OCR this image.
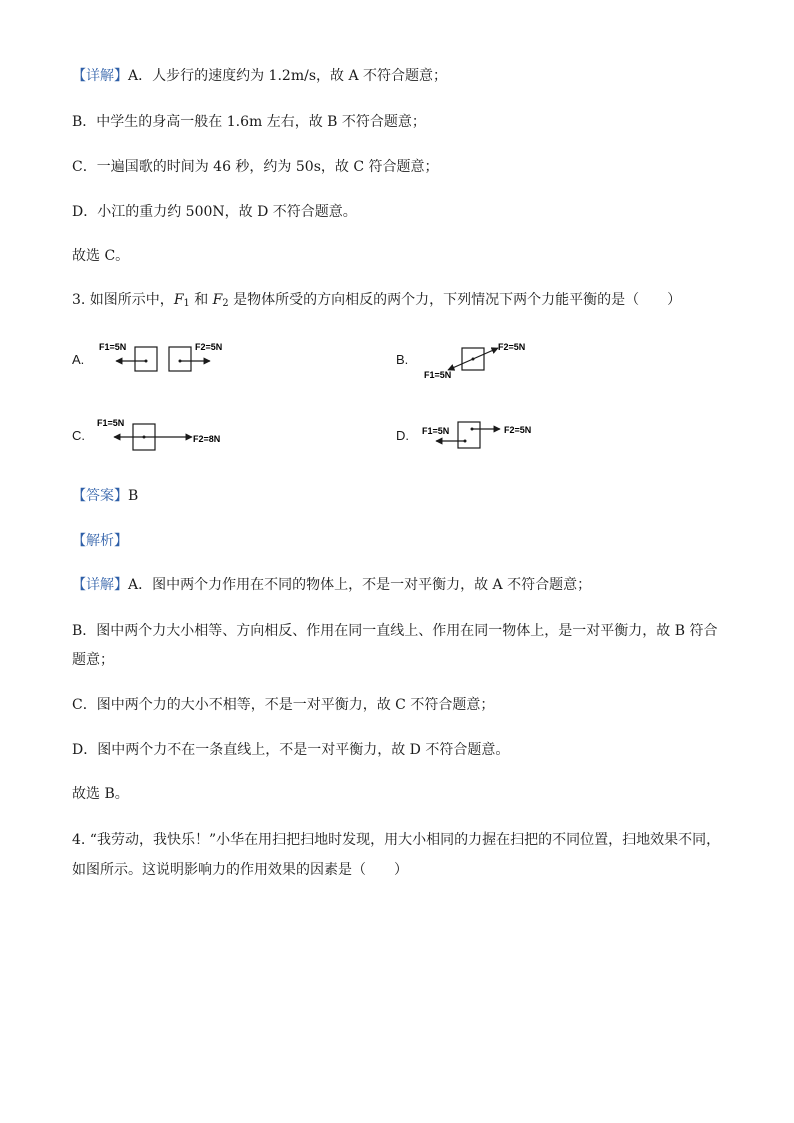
【详解】A．人步行的速度约为 1.2m/s，故 A 不符合题意；
B．中学生的身高一般在 1.6m 左右，故 B 不符合题意；
C．一遍国歌的时间为 46 秒，约为 50s，故 C 符合题意；
D．小江的重力约 500N，故 D 不符合题意。
故选 C。
3. 如图所示中，$F_1$ 和 $F_2$ 是物体所受的方向相反的两个力，下列情况下两个力能平衡的是（　　）
A.
F1=5N	F2=5N
B.
F2=5N
F1=5N
C.
F1=5N
F2=8N	D. F1=5N	F2=5N
【答案】B
【解析】
【详解】A．图中两个力作用在不同的物体上，不是一对平衡力，故 A 不符合题意；
B．图中两个力大小相等、方向相反、作用在同一直线上、作用在同一物体上，是一对平衡力，故 B 符合
题意；
C．图中两个力的大小不相等，不是一对平衡力，故 C 不符合题意；
D．图中两个力不在一条直线上，不是一对平衡力，故 D 不符合题意。
故选 B。
4. “我劳动，我快乐！”小华在用扫把扫地时发现，用大小相同的力握在扫把的不同位置，扫地效果不同，
如图所示。这说明影响力的作用效果的因素是（　　）
